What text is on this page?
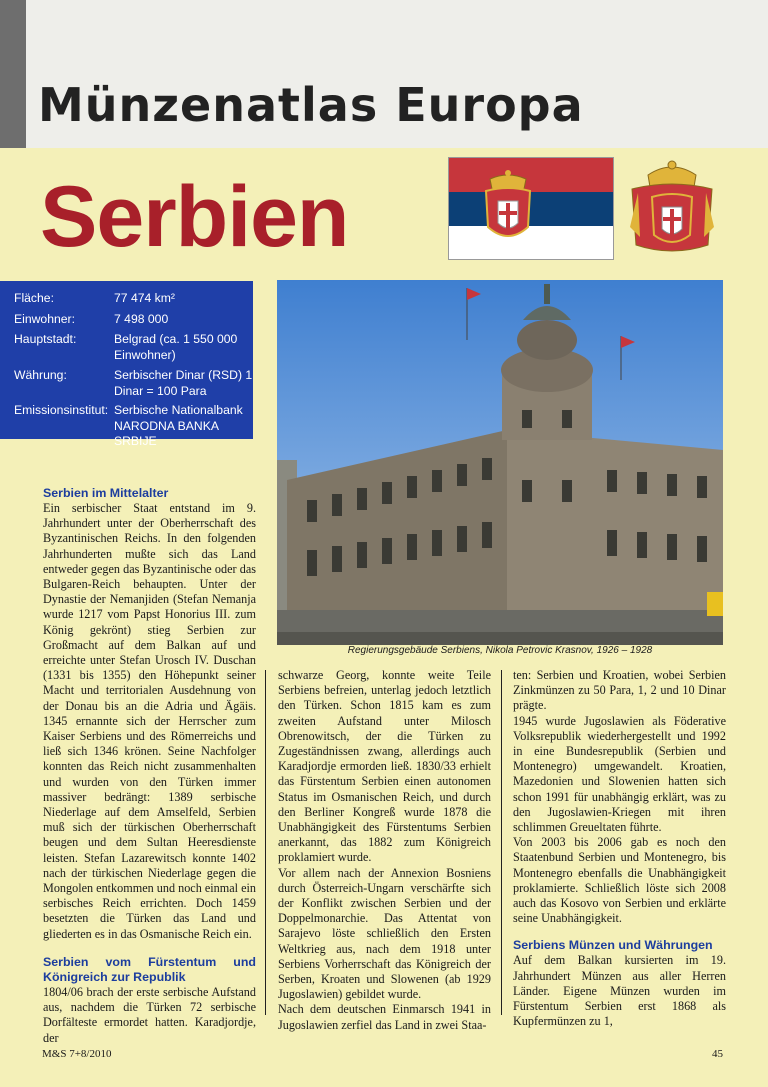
Münzenatlas Europa
Serbien
Fläche:	77 474 km²
Einwohner:	7 498 000
Hauptstadt:	Belgrad (ca. 1 550 000 Einwohner)
Währung:	Serbischer Dinar (RSD) 1 Dinar = 100 Para
Emissionsinstitut: Serbische Nationalbank NARODNA BANKA SRBIJE
Regierungsgebäude Serbiens, Nikola Petrovic Krasnov, 1926 – 1928
Serbien im Mittelalter

Ein serbischer Staat entstand im 9. Jahrhundert unter der Oberherrschaft des Byzantinischen Reichs. In den folgenden Jahrhunderten mußte sich das Land entweder gegen das Byzantinische oder das Bulgaren-Reich behaupten. Unter der Dynastie der Nemanjiden (Stefan Nemanja wurde 1217 vom Papst Honorius III. zum König gekrönt) stieg Serbien zur Großmacht auf dem Balkan auf und erreichte unter Stefan Urosch IV. Duschan (1331 bis 1355) den Höhepunkt seiner Macht und territorialen Ausdehnung von der Donau bis an die Adria und Ägäis. 1345 ernannte sich der Herrscher zum Kaiser Serbiens und des Römerreichs und ließ sich 1346 krönen. Seine Nachfolger konnten das Reich nicht zusammenhalten und wurden von den Türken immer massiver bedrängt: 1389 serbische Niederlage auf dem Amselfeld, Serbien muß sich der türkischen Oberherrschaft beugen und dem Sultan Heeresdienste leisten. Stefan Lazarewitsch konnte 1402 nach der türkischen Niederlage gegen die Mongolen entkommen und noch einmal ein serbisches Reich errichten. Doch 1459 besetzten die Türken das Land und gliederten es in das Osmanische Reich ein.

Serbien vom Fürstentum und Königreich zur Republik

1804/06 brach der erste serbische Aufstand aus, nachdem die Türken 72 serbische Dorfälteste ermordet hatten. Karadjordje, der

schwarze Georg, konnte weite Teile Serbiens befreien, unterlag jedoch letztlich den Türken. Schon 1815 kam es zum zweiten Aufstand unter Milosch Obrenowitsch, der die Türken zu Zugeständnissen zwang, allerdings auch Karadjordje ermorden ließ. 1830/33 erhielt das Fürstentum Serbien einen autonomen Status im Osmanischen Reich, und durch den Berliner Kongreß wurde 1878 die Unabhängigkeit des Fürstentums Serbien anerkannt, das 1882 zum Königreich proklamiert wurde.

Vor allem nach der Annexion Bosniens durch Österreich-Ungarn verschärfte sich der Konflikt zwischen Serbien und der Doppelmonarchie. Das Attentat von Sarajevo löste schließlich den Ersten Weltkrieg aus, nach dem 1918 unter Serbiens Vorherrschaft das Königreich der Serben, Kroaten und Slowenen (ab 1929 Jugoslawien) gebildet wurde.

Nach dem deutschen Einmarsch 1941 in Jugoslawien zerfiel das Land in zwei Staa-

ten: Serbien und Kroatien, wobei Serbien Zinkmünzen zu 50 Para, 1, 2 und 10 Dinar prägte.

1945 wurde Jugoslawien als Föderative Volksrepublik wiederhergestellt und 1992 in eine Bundesrepublik (Serbien und Montenegro) umgewandelt. Kroatien, Mazedonien und Slowenien hatten sich schon 1991 für unabhängig erklärt, was zu den Jugoslawien-Kriegen mit ihren schlimmen Greueltaten führte.

Von 2003 bis 2006 gab es noch den Staatenbund Serbien und Montenegro, bis Montenegro ebenfalls die Unabhängigkeit proklamierte. Schließlich löste sich 2008 auch das Kosovo von Serbien und erklärte seine Unabhängigkeit.

Serbiens Münzen und Währungen

Auf dem Balkan kursierten im 19. Jahrhundert Münzen aus aller Herren Länder. Eigene Münzen wurden im Fürstentum Serbien erst 1868 als Kupfermünzen zu 1,

M&S 7+8/2010	45
